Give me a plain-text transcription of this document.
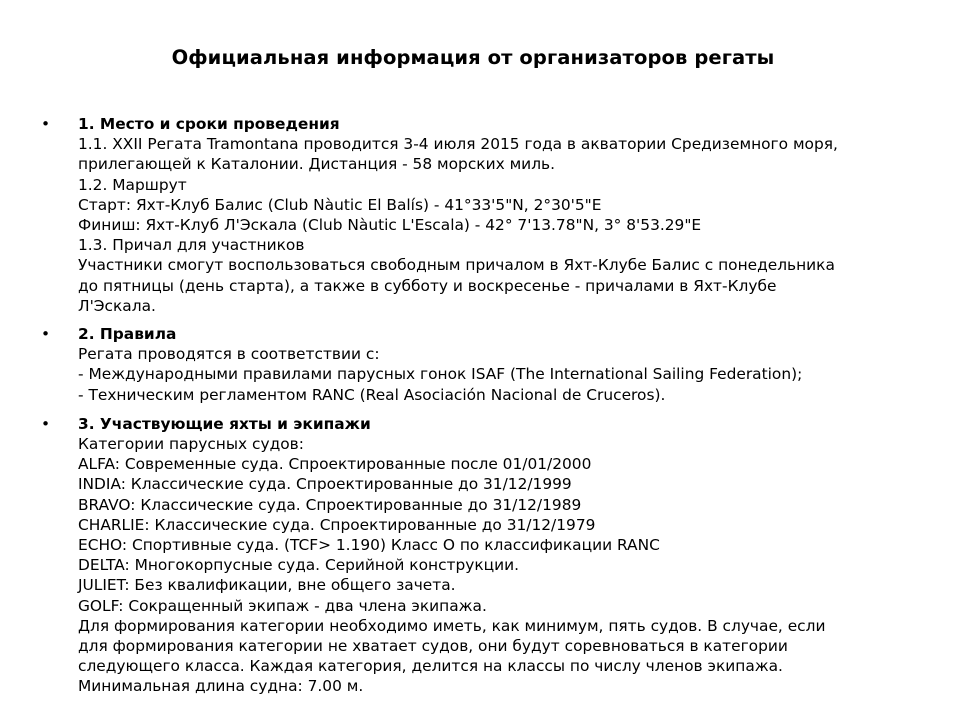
Официальная информация от организаторов регаты
• 1. Место и сроки проведения
1.1. XXII Регата Tramontana проводится 3-4 июля 2015 года в акватории Средиземного моря,
прилегающей к Каталонии. Дистанция - 58 морских миль.
1.2. Маршрут
Старт: Яхт-Клуб Балис (Club Nàutic El Balís) - 41°33'5"N, 2°30'5"E
Финиш: Яхт-Клуб Л'Эскала (Club Nàutic L'Escala) - 42° 7'13.78"N, 3° 8'53.29"E
1.3. Причал для участников
Участники смогут воспользоваться свободным причалом в Яхт-Клубе Балис с понедельника
до пятницы (день старта), а также в субботу и воскресенье - причалами в Яхт-Клубе
Л'Эскала.
• 2. Правила
Регата проводятся в соответствии с:
- Международными правилами парусных гонок ISAF (The International Sailing Federation);
- Техническим регламентом RANC (Real Asociación Nacional de Cruceros).
• 3. Участвующие яхты и экипажи
Категории парусных судов:
ALFA: Современные суда. Спроектированные после 01/01/2000
INDIA: Классические суда. Спроектированные до 31/12/1999
BRAVO: Классические суда. Спроектированные до 31/12/1989
CHARLIE: Классические суда. Спроектированные до 31/12/1979
ECHO: Спортивные суда. (TCF> 1.190) Класс О по классификации RANC
DELTA: Многокорпусные суда. Серийной конструкции.
JULIET: Без квалификации, вне общего зачета.
GOLF: Сокращенный экипаж - два члена экипажа.
Для формирования категории необходимо иметь, как минимум, пять судов. В случае, если
для формирования категории не хватает судов, они будут соревноваться в категории
следующего класса. Каждая категория, делится на классы по числу членов экипажа.
Минимальная длина судна: 7.00 м.
